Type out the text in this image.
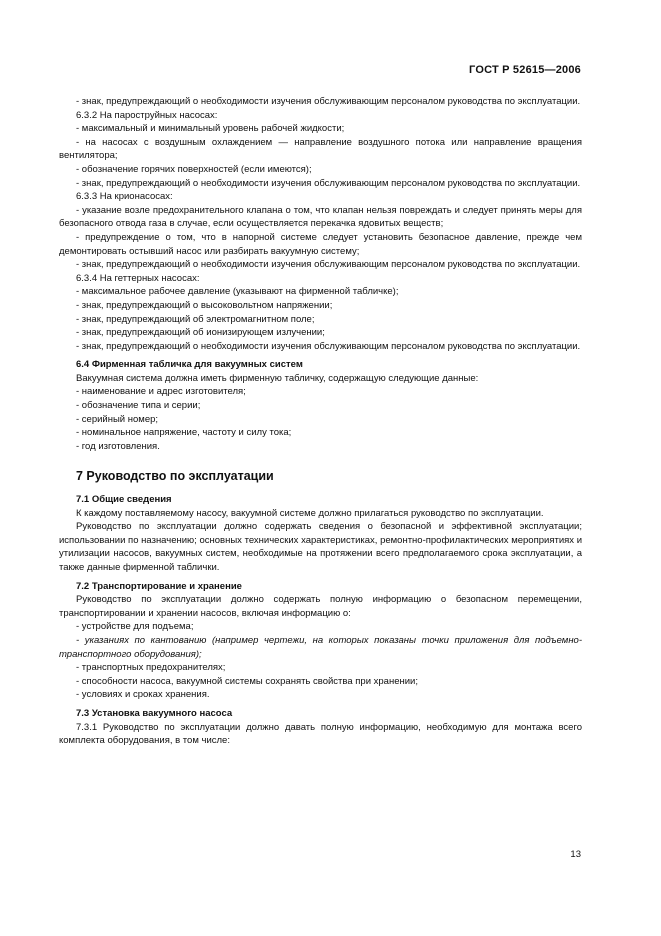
ГОСТ Р 52615—2006

- знак, предупреждающий о необходимости изучения обслуживающим персоналом руководства по эксплуатации.

6.3.2 На пароструйных насосах:

- максимальный и минимальный уровень рабочей жидкости;

- на насосах с воздушным охлаждением — направление воздушного потока или направление вращения вентилятора;

- обозначение горячих поверхностей (если имеются);

- знак, предупреждающий о необходимости изучения обслуживающим персоналом руководства по эксплуатации.

6.3.3 На крионасосах:

- указание возле предохранительного клапана о том, что клапан нельзя повреждать и следует принять меры для безопасного отвода газа в случае, если осуществляется перекачка ядовитых веществ;

- предупреждение о том, что в напорной системе следует установить безопасное давление, прежде чем демонтировать остывший насос или разбирать вакуумную систему;

- знак, предупреждающий о необходимости изучения обслуживающим персоналом руководства по эксплуатации.

6.3.4 На геттерных насосах:

- максимальное рабочее давление (указывают на фирменной табличке);

- знак, предупреждающий о высоковольтном напряжении;

- знак, предупреждающий об электромагнитном поле;

- знак, предупреждающий об ионизирующем излучении;

- знак, предупреждающий о необходимости изучения обслуживающим персоналом руководства по эксплуатации.

6.4 Фирменная табличка для вакуумных систем

Вакуумная система должна иметь фирменную табличку, содержащую следующие данные:

- наименование и адрес изготовителя;

- обозначение типа и серии;

- серийный номер;

- номинальное напряжение, частоту и силу тока;

- год изготовления.

7 Руководство по эксплуатации

7.1 Общие сведения

К каждому поставляемому насосу, вакуумной системе должно прилагаться руководство по эксплуатации.

Руководство по эксплуатации должно содержать сведения о безопасной и эффективной эксплуатации; использовании по назначению; основных технических характеристиках, ремонтно-профилактических мероприятиях и утилизации насосов, вакуумных систем, необходимые на протяжении всего предполагаемого срока эксплуатации, а также данные фирменной таблички.

7.2 Транспортирование и хранение

Руководство по эксплуатации должно содержать полную информацию о безопасном перемещении, транспортировании и хранении насосов, включая информацию о:

- устройстве для подъема;

- указаниях по кантованию (например чертежи, на которых показаны точки приложения для подъемно-транспортного оборудования);

- транспортных предохранителях;

- способности насоса, вакуумной системы сохранять свойства при хранении;

- условиях и сроках хранения.

7.3 Установка вакуумного насоса

7.3.1 Руководство по эксплуатации должно давать полную информацию, необходимую для монтажа всего комплекта оборудования, в том числе:

13
